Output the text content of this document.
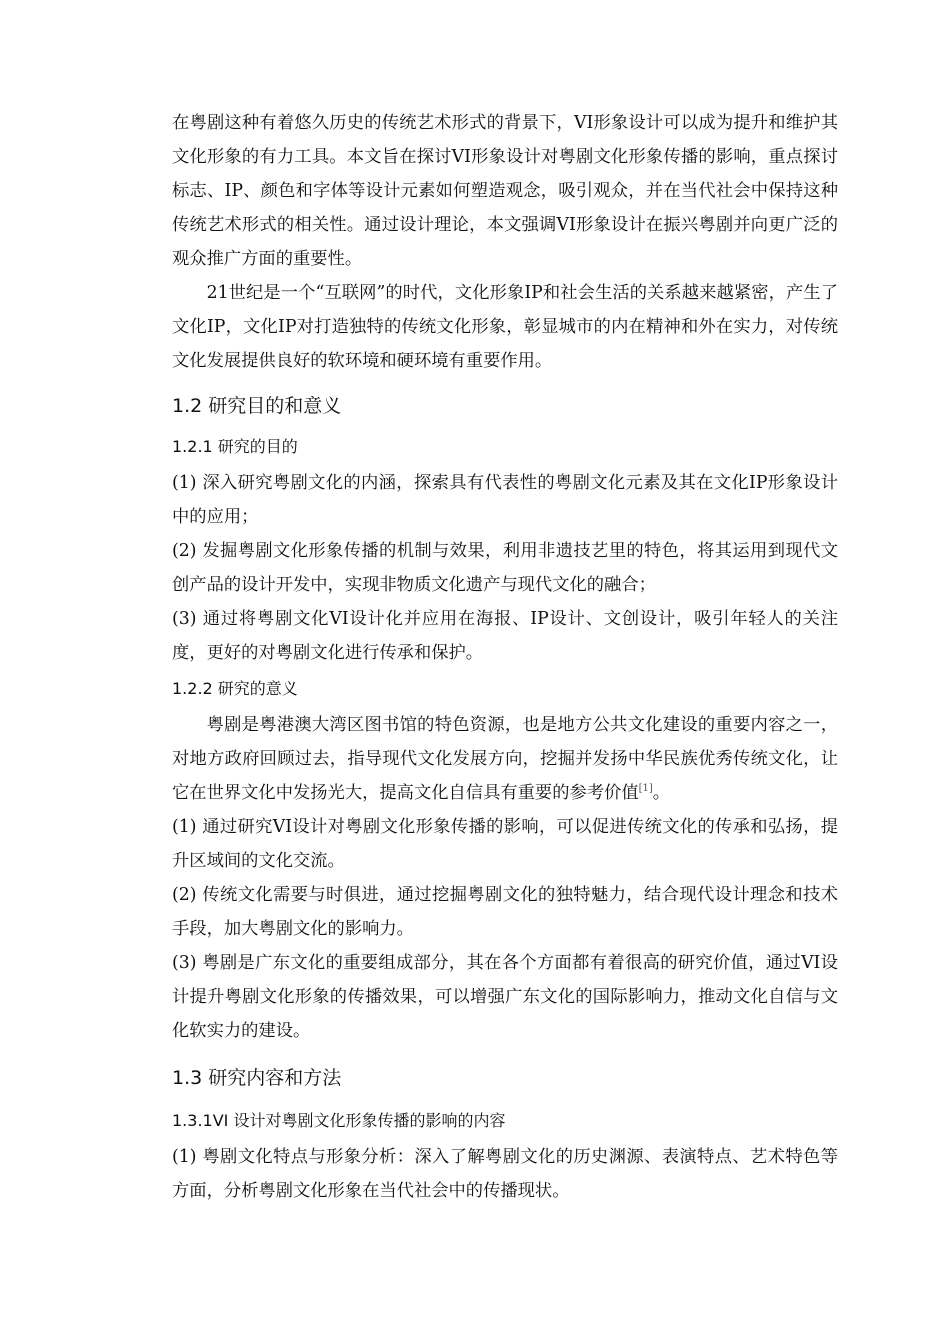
在粤剧这种有着悠久历史的传统艺术形式的背景下，VI形象设计可以成为提升和维护其文化形象的有力工具。本文旨在探讨VI形象设计对粤剧文化形象传播的影响，重点探讨标志、IP、颜色和字体等设计元素如何塑造观念，吸引观众，并在当代社会中保持这种传统艺术形式的相关性。通过设计理论，本文强调VI形象设计在振兴粤剧并向更广泛的观众推广方面的重要性。

21世纪是一个“互联网”的时代，文化形象IP和社会生活的关系越来越紧密，产生了文化IP，文化IP对打造独特的传统文化形象，彰显城市的内在精神和外在实力，对传统文化发展提供良好的软环境和硬环境有重要作用。

1.2 研究目的和意义
1.2.1 研究的目的

(1) 深入研究粤剧文化的内涵，探索具有代表性的粤剧文化元素及其在文化IP形象设计中的应用；

(2) 发掘粤剧文化形象传播的机制与效果，利用非遗技艺里的特色，将其运用到现代文创产品的设计开发中，实现非物质文化遗产与现代文化的融合；

(3) 通过将粤剧文化VI设计化并应用在海报、IP设计、文创设计，吸引年轻人的关注度，更好的对粤剧文化进行传承和保护。

1.2.2 研究的意义

粤剧是粤港澳大湾区图书馆的特色资源，也是地方公共文化建设的重要内容之一，对地方政府回顾过去，指导现代文化发展方向，挖掘并发扬中华民族优秀传统文化，让它在世界文化中发扬光大，提高文化自信具有重要的参考价值[1]。

(1) 通过研究VI设计对粤剧文化形象传播的影响，可以促进传统文化的传承和弘扬，提升区域间的文化交流。

(2) 传统文化需要与时俱进，通过挖掘粤剧文化的独特魅力，结合现代设计理念和技术手段，加大粤剧文化的影响力。

(3) 粤剧是广东文化的重要组成部分，其在各个方面都有着很高的研究价值，通过VI设计提升粤剧文化形象的传播效果，可以增强广东文化的国际影响力，推动文化自信与文化软实力的建设。

1.3 研究内容和方法
1.3.1VI 设计对粤剧文化形象传播的影响的内容

(1) 粤剧文化特点与形象分析：深入了解粤剧文化的历史渊源、表演特点、艺术特色等方面，分析粤剧文化形象在当代社会中的传播现状。
